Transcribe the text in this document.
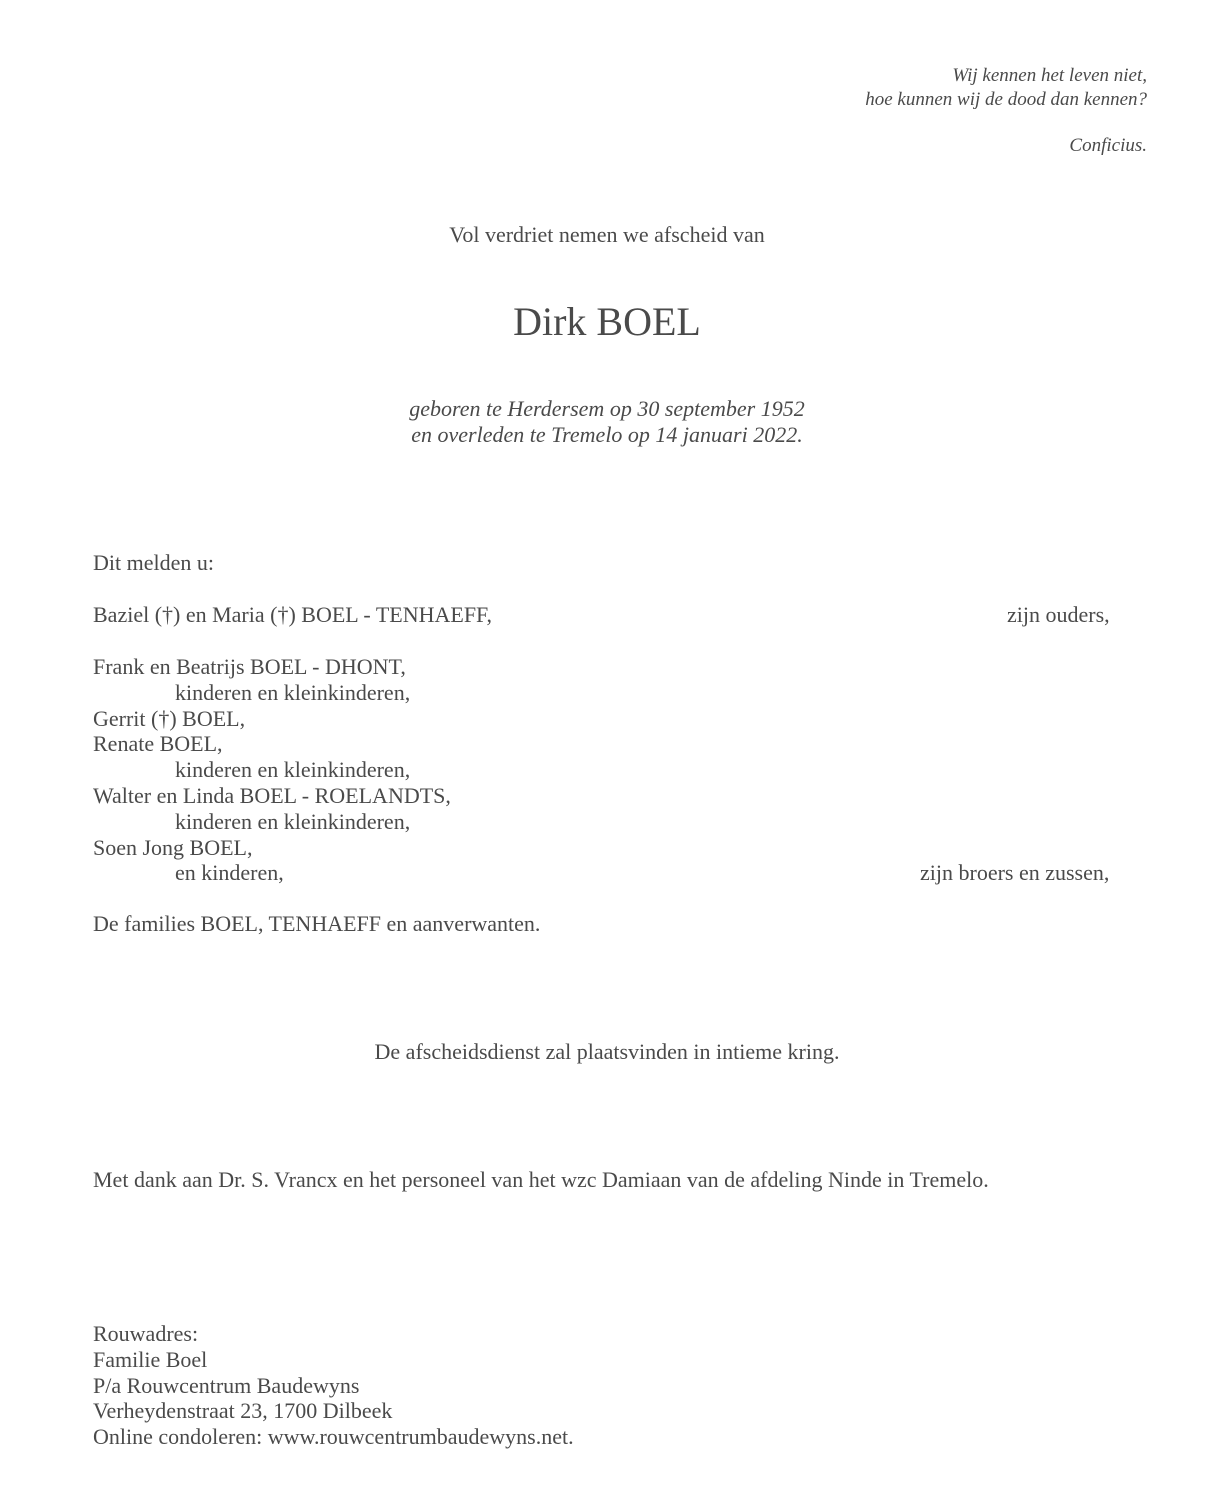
Wij kennen het leven niet,
hoe kunnen wij de dood dan kennen?
Conficius.
Vol verdriet nemen we afscheid van
Dirk BOEL
geboren te Herdersem op 30 september 1952
en overleden te Tremelo op 14 januari 2022.
Dit melden u:
Baziel (†) en Maria (†) BOEL - TENHAEFF,	zijn ouders,
Frank en Beatrijs BOEL - DHONT,
kinderen en kleinkinderen,
Gerrit (†) BOEL,
Renate BOEL,
kinderen en kleinkinderen,
Walter en Linda BOEL - ROELANDTS,
kinderen en kleinkinderen,
Soen Jong BOEL,
en kinderen,	zijn broers en zussen,
De families BOEL, TENHAEFF en aanverwanten.
De afscheidsdienst zal plaatsvinden in intieme kring.
Met dank aan Dr. S. Vrancx en het personeel van het wzc Damiaan van de afdeling Ninde in Tremelo.
Rouwadres:
Familie Boel
P/a Rouwcentrum Baudewyns
Verheydenstraat 23, 1700 Dilbeek
Online condoleren: www.rouwcentrumbaudewyns.net.
